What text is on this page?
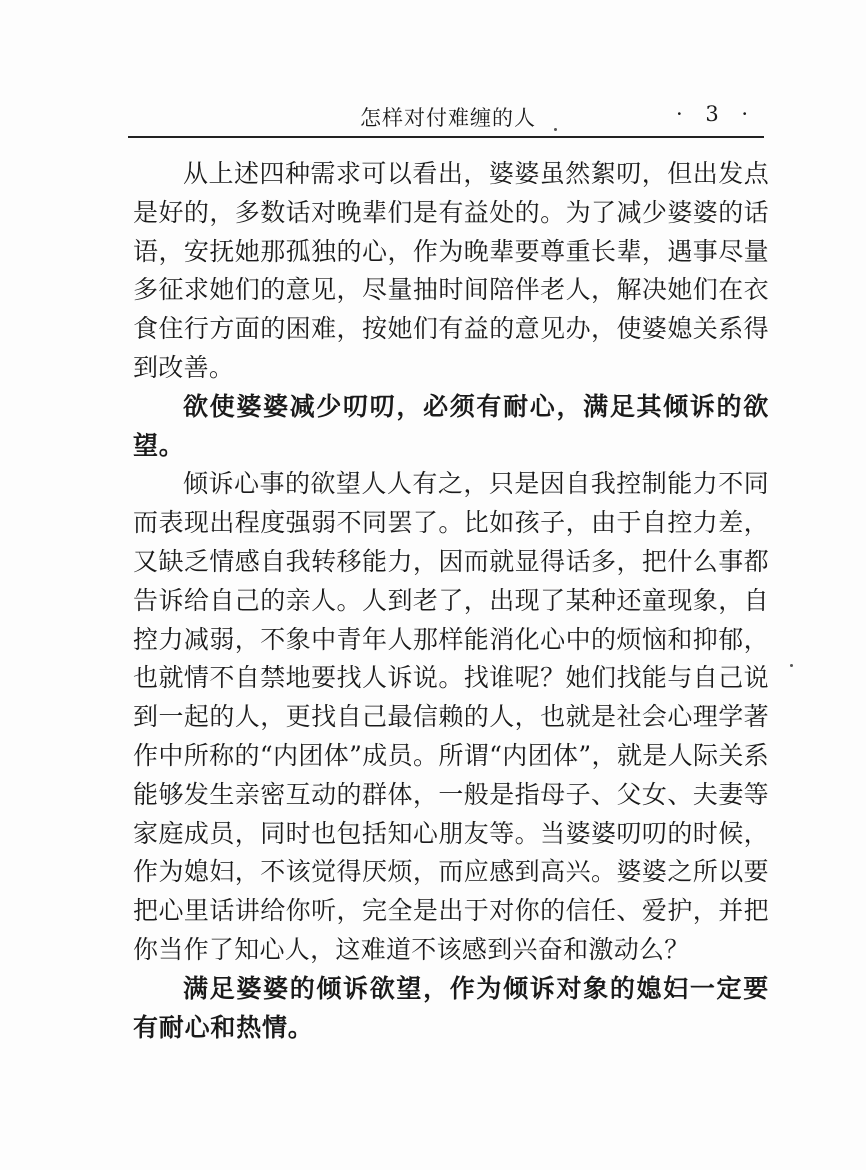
怎样对付难缠的人	· 3 ·

从上述四种需求可以看出，婆婆虽然絮叨，但出发点是好的，多数话对晚辈们是有益处的。为了减少婆婆的话语，安抚她那孤独的心，作为晚辈要尊重长辈，遇事尽量多征求她们的意见，尽量抽时间陪伴老人，解决她们在衣食住行方面的困难，按她们有益的意见办，使婆媳关系得到改善。

欲使婆婆减少叨叨，必须有耐心，满足其倾诉的欲望。

倾诉心事的欲望人人有之，只是因自我控制能力不同而表现出程度强弱不同罢了。比如孩子，由于自控力差，又缺乏情感自我转移能力，因而就显得话多，把什么事都告诉给自己的亲人。人到老了，出现了某种还童现象，自控力减弱，不象中青年人那样能消化心中的烦恼和抑郁，也就情不自禁地要找人诉说。找谁呢？她们找能与自己说到一起的人，更找自己最信赖的人，也就是社会心理学著作中所称的“内团体”成员。所谓“内团体”，就是人际关系能够发生亲密互动的群体，一般是指母子、父女、夫妻等家庭成员，同时也包括知心朋友等。当婆婆叨叨的时候，作为媳妇，不该觉得厌烦，而应感到高兴。婆婆之所以要把心里话讲给你听，完全是出于对你的信任、爱护，并把你当作了知心人，这难道不该感到兴奋和激动么？

满足婆婆的倾诉欲望，作为倾诉对象的媳妇一定要有耐心和热情。
